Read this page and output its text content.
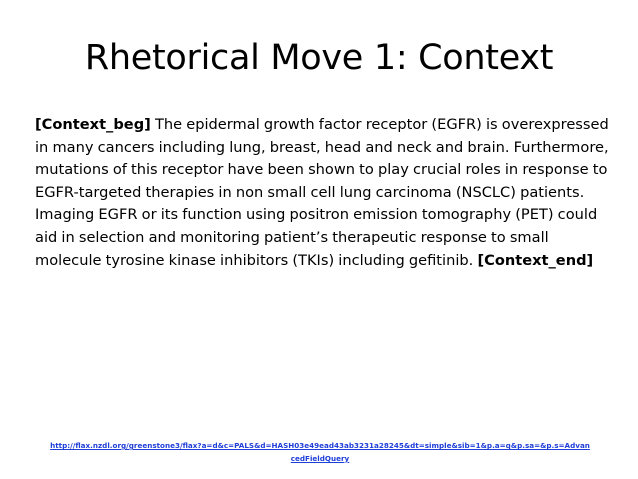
Rhetorical Move 1: Context
[Context_beg] The epidermal growth factor receptor (EGFR) is overexpressed in many cancers including lung, breast, head and neck and brain. Furthermore, mutations of this receptor have been shown to play crucial roles in response to EGFR-targeted therapies in non small cell lung carcinoma (NSCLC) patients. Imaging EGFR or its function using positron emission tomography (PET) could aid in selection and monitoring patient’s therapeutic response to small molecule tyrosine kinase inhibitors (TKIs) including gefitinib. [Context_end]
http://flax.nzdl.org/greenstone3/flax?a=d&c=PALS&d=HASH03e49ead43ab3231a28245&dt=simple&sib=1&p.a=q&p.sa=&p.s=AdvancedFieldQuery
